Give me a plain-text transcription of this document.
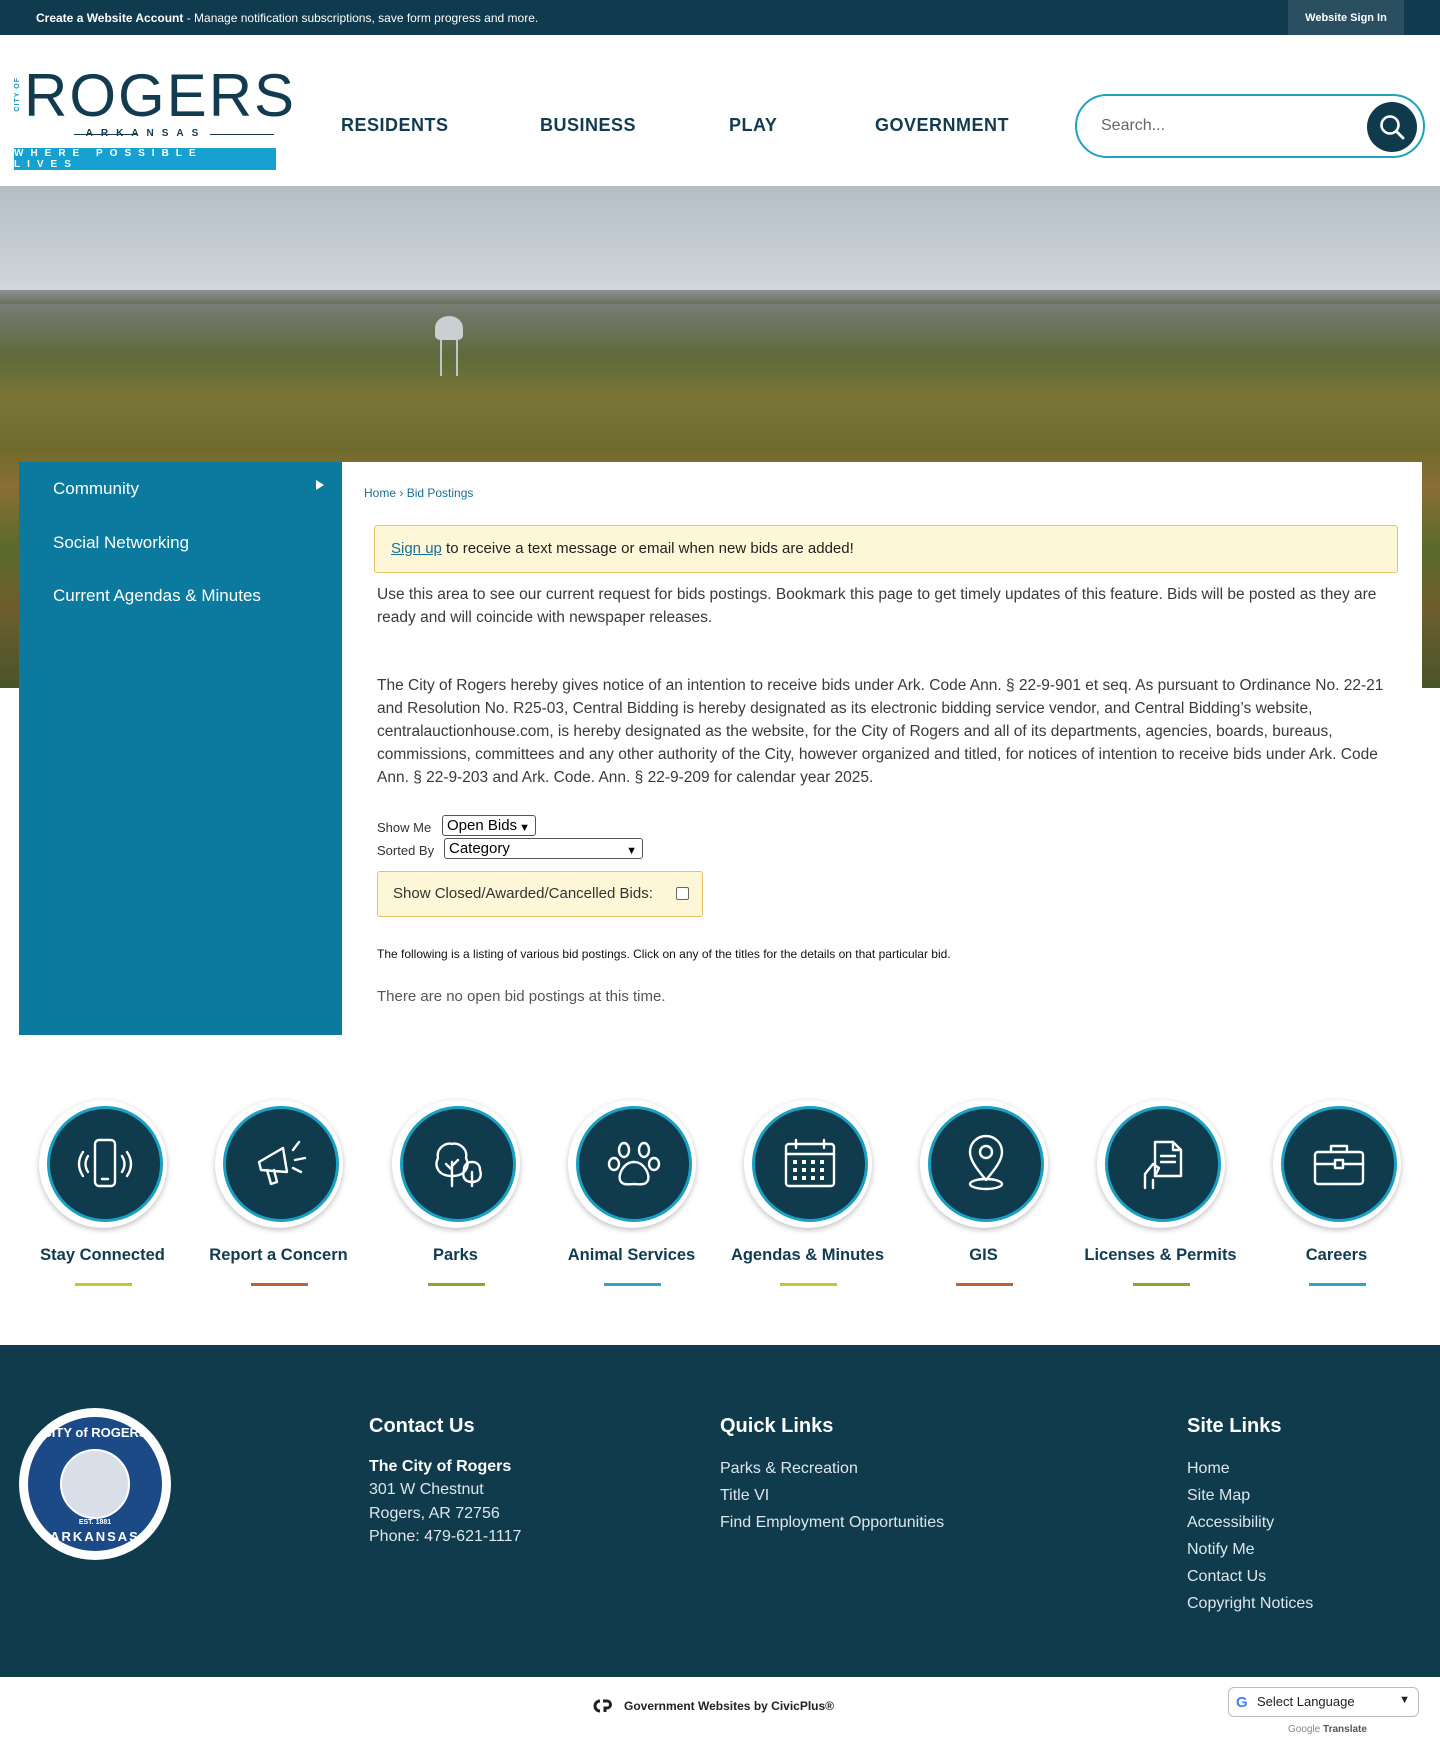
Create a Website Account - Manage notification subscriptions, save form progress and more.	Website Sign In
CITY OF ROGERS
ARKANSAS
WHERE POSSIBLE LIVES
RESIDENTS	BUSINESS	PLAY	GOVERNMENT	Search...
Community
Social Networking
Current Agendas & Minutes
Home › Bid Postings
Sign up to receive a text message or email when new bids are added!
Use this area to see our current request for bids postings. Bookmark this page to get timely updates of this feature. Bids will be posted as they are ready and will coincide with newspaper releases.
The City of Rogers hereby gives notice of an intention to receive bids under Ark. Code Ann. § 22-9-901 et seq. As pursuant to Ordinance No. 22-21 and Resolution No. R25-03, Central Bidding is hereby designated as its electronic bidding service vendor, and Central Bidding’s website, centralauctionhouse.com, is hereby designated as the website, for the City of Rogers and all of its departments, agencies, boards, bureaus, commissions, committees and any other authority of the City, however organized and titled, for notices of intention to receive bids under Ark. Code Ann. § 22-9-203 and Ark. Code. Ann. § 22-9-209 for calendar year 2025.
Show Me	Open Bids ▼
Sorted By Category	▼
Show Closed/Awarded/Cancelled Bids:
The following is a listing of various bid postings. Click on any of the titles for the details on that particular bid.
There are no open bid postings at this time.
Stay Connected	Report a Concern	Parks	Animal Services	Agendas & Minutes	GIS	Licenses & Permits	Careers
CITY of ROGERS
EST. 1881
ARKANSAS
Contact Us
The City of Rogers
301 W Chestnut
Rogers, AR 72756
Phone: 479-621-1117
Quick Links
Parks & Recreation
Title VI
Find Employment Opportunities
Site Links
Home
Site Map
Accessibility
Notify Me
Contact Us
Copyright Notices
Government Websites by CivicPlus®	G Select Language	▼
Google Translate
